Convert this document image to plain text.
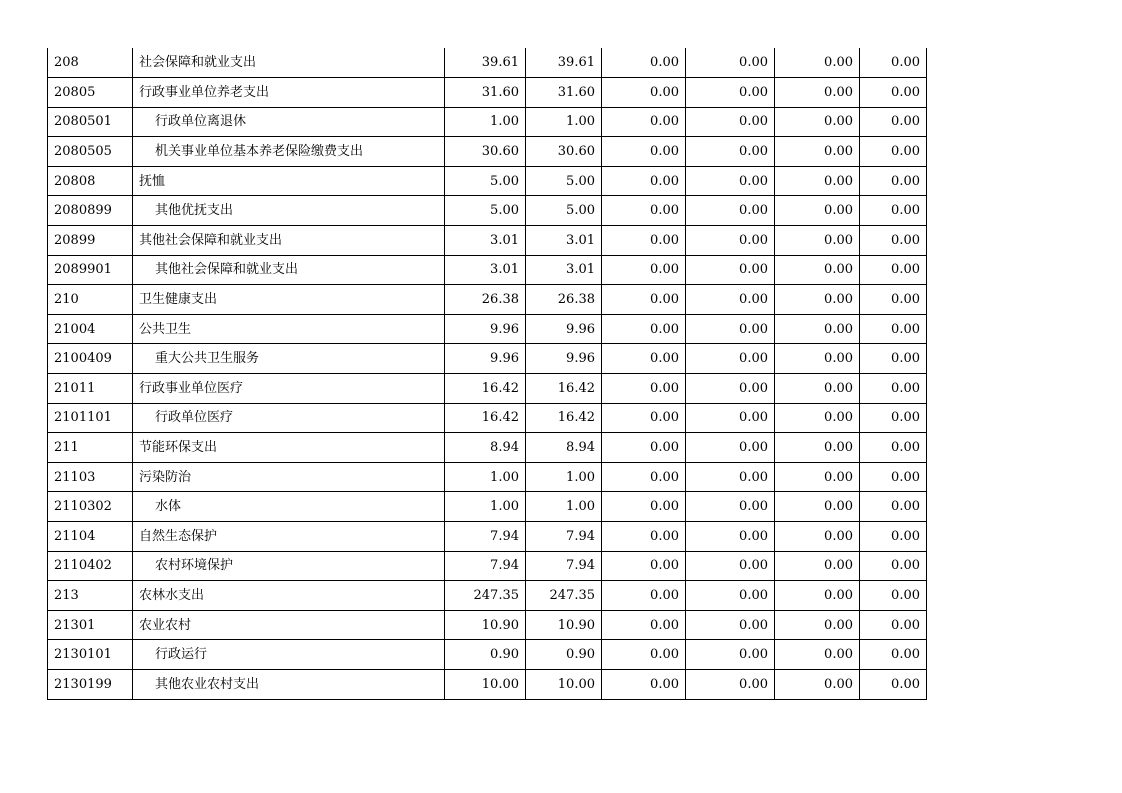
208	社会保障和就业支出	39.61	39.61	0.00	0.00	0.00	0.00
20805	行政事业单位养老支出	31.60	31.60	0.00	0.00	0.00	0.00
2080501	行政单位离退休	1.00	1.00	0.00	0.00	0.00	0.00
2080505	机关事业单位基本养老保险缴费支出	30.60	30.60	0.00	0.00	0.00	0.00
20808	抚恤	5.00	5.00	0.00	0.00	0.00	0.00
2080899	其他优抚支出	5.00	5.00	0.00	0.00	0.00	0.00
20899	其他社会保障和就业支出	3.01	3.01	0.00	0.00	0.00	0.00
2089901	其他社会保障和就业支出	3.01	3.01	0.00	0.00	0.00	0.00
210	卫生健康支出	26.38	26.38	0.00	0.00	0.00	0.00
21004	公共卫生	9.96	9.96	0.00	0.00	0.00	0.00
2100409	重大公共卫生服务	9.96	9.96	0.00	0.00	0.00	0.00
21011	行政事业单位医疗	16.42	16.42	0.00	0.00	0.00	0.00
2101101	行政单位医疗	16.42	16.42	0.00	0.00	0.00	0.00
211	节能环保支出	8.94	8.94	0.00	0.00	0.00	0.00
21103	污染防治	1.00	1.00	0.00	0.00	0.00	0.00
2110302	水体	1.00	1.00	0.00	0.00	0.00	0.00
21104	自然生态保护	7.94	7.94	0.00	0.00	0.00	0.00
2110402	农村环境保护	7.94	7.94	0.00	0.00	0.00	0.00
213	农林水支出	247.35	247.35	0.00	0.00	0.00	0.00
21301	农业农村	10.90	10.90	0.00	0.00	0.00	0.00
2130101	行政运行	0.90	0.90	0.00	0.00	0.00	0.00
2130199	其他农业农村支出	10.00	10.00	0.00	0.00	0.00	0.00
